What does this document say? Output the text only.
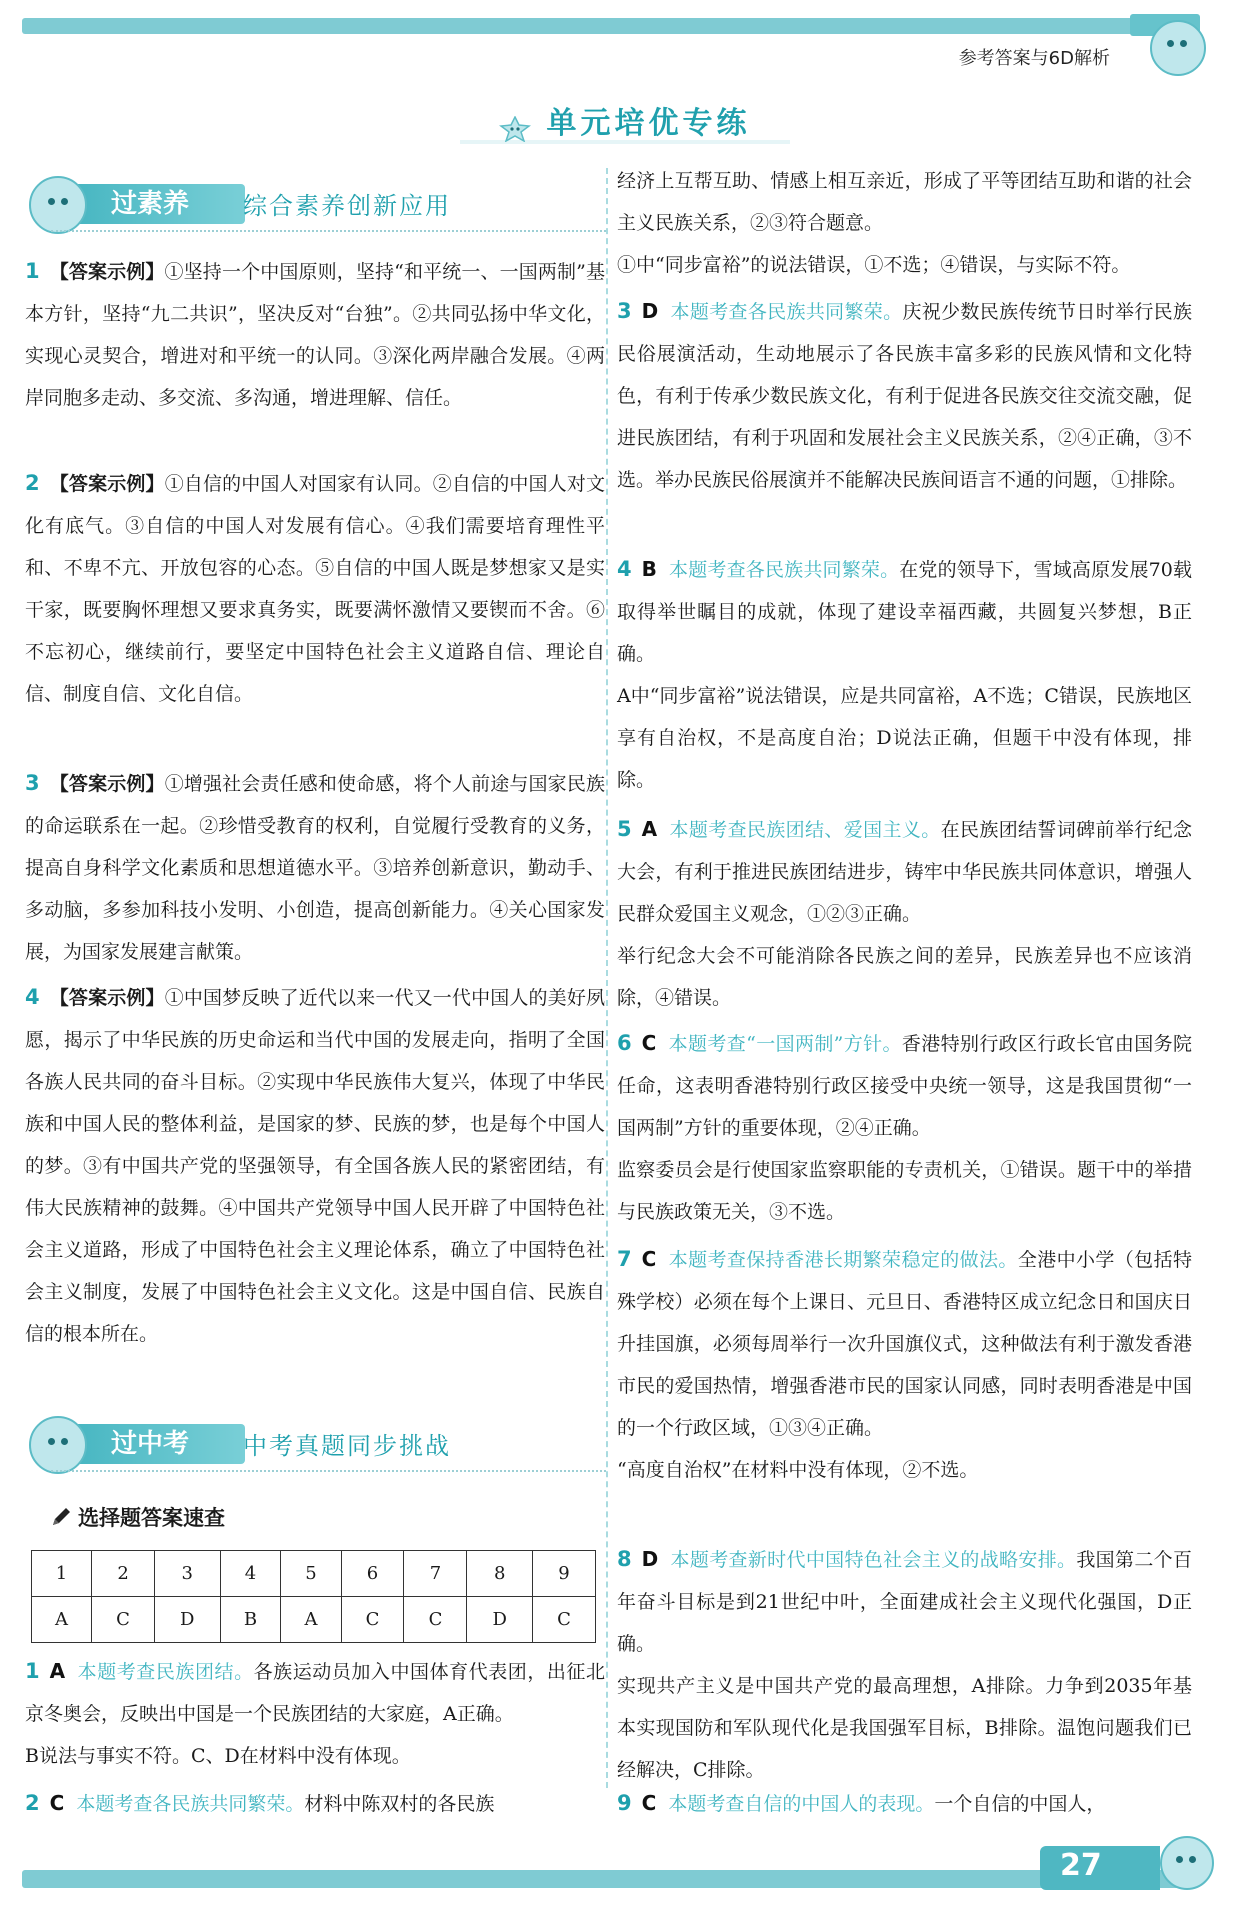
参考答案与6D解析
单元培优专练
过素养	综合素养创新应用
1 【答案示例】①坚持一个中国原则，坚持“和平统一、一国两制”基本方针，坚持“九二共识”，坚决反对“台独”。②共同弘扬中华文化，实现心灵契合，增进对和平统一的认同。③深化两岸融合发展。④两岸同胞多走动、多交流、多沟通，增进理解、信任。
2 【答案示例】①自信的中国人对国家有认同。②自信的中国人对文化有底气。③自信的中国人对发展有信心。④我们需要培育理性平和、不卑不亢、开放包容的心态。⑤自信的中国人既是梦想家又是实干家，既要胸怀理想又要求真务实，既要满怀激情又要锲而不舍。⑥不忘初心，继续前行，要坚定中国特色社会主义道路自信、理论自信、制度自信、文化自信。
3 【答案示例】①增强社会责任感和使命感，将个人前途与国家民族的命运联系在一起。②珍惜受教育的权利，自觉履行受教育的义务，提高自身科学文化素质和思想道德水平。③培养创新意识，勤动手、多动脑，多参加科技小发明、小创造，提高创新能力。④关心国家发展，为国家发展建言献策。
4 【答案示例】①中国梦反映了近代以来一代又一代中国人的美好夙愿，揭示了中华民族的历史命运和当代中国的发展走向，指明了全国各族人民共同的奋斗目标。②实现中华民族伟大复兴，体现了中华民族和中国人民的整体利益，是国家的梦、民族的梦，也是每个中国人的梦。③有中国共产党的坚强领导，有全国各族人民的紧密团结，有伟大民族精神的鼓舞。④中国共产党领导中国人民开辟了中国特色社会主义道路，形成了中国特色社会主义理论体系，确立了中国特色社会主义制度，发展了中国特色社会主义文化。这是中国自信、民族自信的根本所在。
过中考	中考真题同步挑战
选择题答案速查
1	2	3	4	5	6	7	8	9
A	C	D	B	A	C	C	D	C
1 A 本题考查民族团结。各族运动员加入中国体育代表团，出征北京冬奥会，反映出中国是一个民族团结的大家庭，A正确。
B说法与事实不符。C、D在材料中没有体现。
2 C 本题考查各民族共同繁荣。材料中陈双村的各民族
经济上互帮互助、情感上相互亲近，形成了平等团结互助和谐的社会主义民族关系，②③符合题意。
①中“同步富裕”的说法错误，①不选；④错误，与实际不符。
3 D 本题考查各民族共同繁荣。庆祝少数民族传统节日时举行民族民俗展演活动，生动地展示了各民族丰富多彩的民族风情和文化特色，有利于传承少数民族文化，有利于促进各民族交往交流交融，促进民族团结，有利于巩固和发展社会主义民族关系，②④正确，③不选。举办民族民俗展演并不能解决民族间语言不通的问题，①排除。
4 B 本题考查各民族共同繁荣。在党的领导下，雪域高原发展70载取得举世瞩目的成就，体现了建设幸福西藏，共圆复兴梦想，B正确。
A中“同步富裕”说法错误，应是共同富裕，A不选；C错误，民族地区享有自治权，不是高度自治；D说法正确，但题干中没有体现，排除。
5 A 本题考查民族团结、爱国主义。在民族团结誓词碑前举行纪念大会，有利于推进民族团结进步，铸牢中华民族共同体意识，增强人民群众爱国主义观念，①②③正确。
举行纪念大会不可能消除各民族之间的差异，民族差异也不应该消除，④错误。
6 C 本题考查“一国两制”方针。香港特别行政区行政长官由国务院任命，这表明香港特别行政区接受中央统一领导，这是我国贯彻“一国两制”方针的重要体现，②④正确。
监察委员会是行使国家监察职能的专责机关，①错误。题干中的举措与民族政策无关，③不选。
7 C 本题考查保持香港长期繁荣稳定的做法。全港中小学（包括特殊学校）必须在每个上课日、元旦日、香港特区成立纪念日和国庆日升挂国旗，必须每周举行一次升国旗仪式，这种做法有利于激发香港市民的爱国热情，增强香港市民的国家认同感，同时表明香港是中国的一个行政区域，①③④正确。
“高度自治权”在材料中没有体现，②不选。
8 D 本题考查新时代中国特色社会主义的战略安排。我国第二个百年奋斗目标是到21世纪中叶，全面建成社会主义现代化强国，D正确。
实现共产主义是中国共产党的最高理想，A排除。力争到2035年基本实现国防和军队现代化是我国强军目标，B排除。温饱问题我们已经解决，C排除。
9 C 本题考查自信的中国人的表现。一个自信的中国人，
27
